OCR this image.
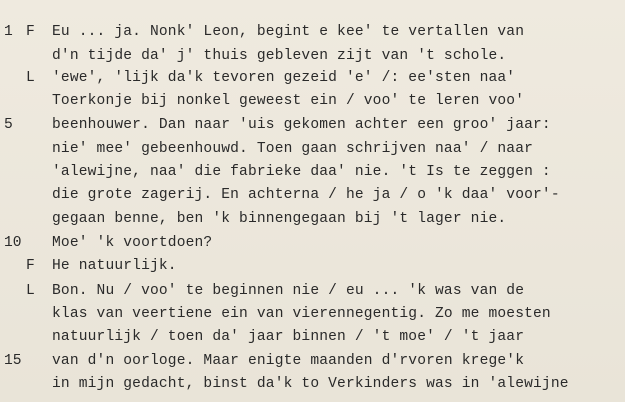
1 F Eu ... ja. Nonk' Leon, begint e kee' te vertallen van
d'n tijde da' j' thuis gebleven zijt van 't schole.
L 'ewe', 'lijk da'k tevoren gezeid 'e' /: ee'sten naa'
Toerkonje bij nonkel geweest ein / voo' te leren voo'
5	beenhouwer. Dan naar 'uis gekomen achter een groo' jaar:
nie' mee' gebeenhouwd. Toen gaan schrijven naa' / naar
'alewijne, naa' die fabrieke daa' nie. 't Is te zeggen :
die grote zagerij. En achterna / he ja / o 'k daa' voor'-
gegaan benne, ben 'k binnengegaan bij 't lager nie.
10 Moe' 'k voortdoen?
F He natuurlijk.
L Bon. Nu / voo' te beginnen nie / eu ... 'k was van de
klas van veertiene ein van vierennegentig. Zo me moesten
natuurlijk / toen da' jaar binnen / 't moe' / 't jaar
15 van d'n oorloge. Maar enigte maanden d'rvoren krege'k
in mijn gedacht, binst da'k to Verkinders was in 'alewijne
